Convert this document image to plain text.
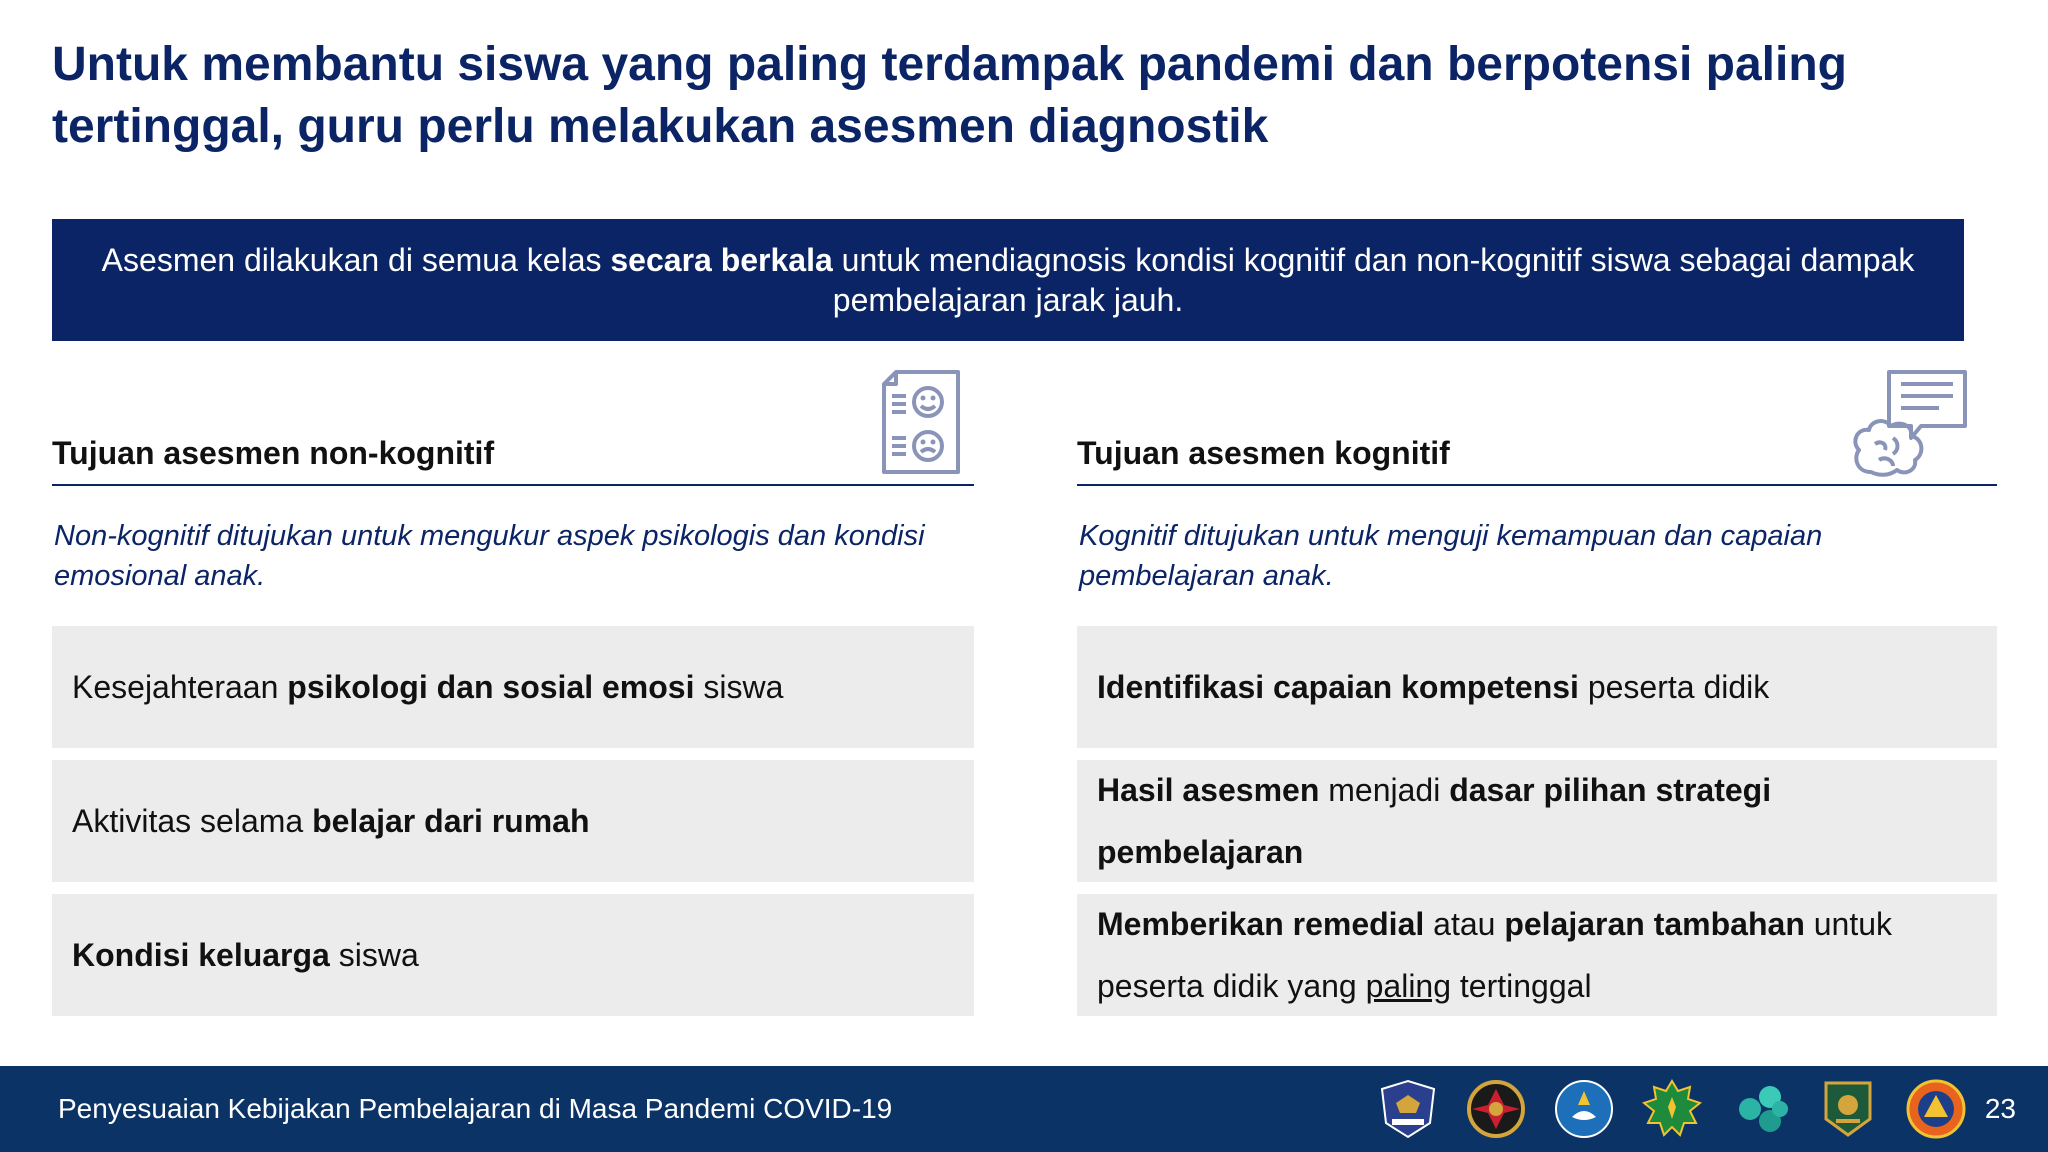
Untuk membantu siswa yang paling terdampak pandemi dan berpotensi paling tertinggal, guru perlu melakukan asesmen diagnostik
Asesmen dilakukan di semua kelas secara berkala untuk mendiagnosis kondisi kognitif dan non-kognitif siswa sebagai dampak pembelajaran jarak jauh.
Tujuan asesmen non-kognitif

Non-kognitif ditujukan untuk mengukur aspek psikologis dan kondisi emosional anak.

Kesejahteraan psikologi dan sosial emosi siswa
Aktivitas selama belajar dari rumah
Kondisi keluarga siswa
Tujuan asesmen kognitif

Kognitif ditujukan untuk menguji kemampuan dan capaian pembelajaran anak.

Identifikasi capaian kompetensi peserta didik
Hasil asesmen menjadi dasar pilihan strategi pembelajaran
Memberikan remedial atau pelajaran tambahan untuk peserta didik yang paling tertinggal
Penyesuaian Kebijakan Pembelajaran di Masa Pandemi COVID-19	23
